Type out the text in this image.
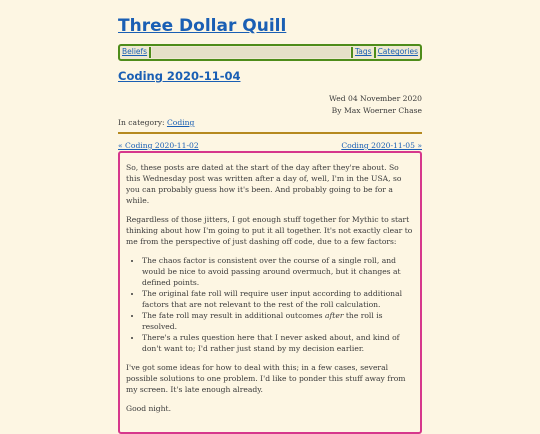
Three Dollar Quill
Beliefs	Tags Categories
Coding 2020-11-04
Wed 04 November 2020
By Max Woerner Chase
In category: Coding
« Coding 2020-11-02	Coding 2020-11-05 »

So, these posts are dated at the start of the day after they're about. So this Wednesday post was written after a day of, well, I'm in the USA, so you can probably guess how it's been. And probably going to be for a while.

Regardless of those jitters, I got enough stuff together for Mythic to start thinking about how I'm going to put it all together. It's not exactly clear to me from the perspective of just dashing off code, due to a few factors:

• The chaos factor is consistent over the course of a single roll, and would be nice to avoid passing around overmuch, but it changes at defined points.
• The original fate roll will require user input according to additional factors that are not relevant to the rest of the roll calculation.
• The fate roll may result in additional outcomes after the roll is resolved.
• There's a rules question here that I never asked about, and kind of don't want to; I'd rather just stand by my decision earlier.

I've got some ideas for how to deal with this; in a few cases, several possible solutions to one problem. I'd like to ponder this stuff away from my screen. It's late enough already.

Good night.
